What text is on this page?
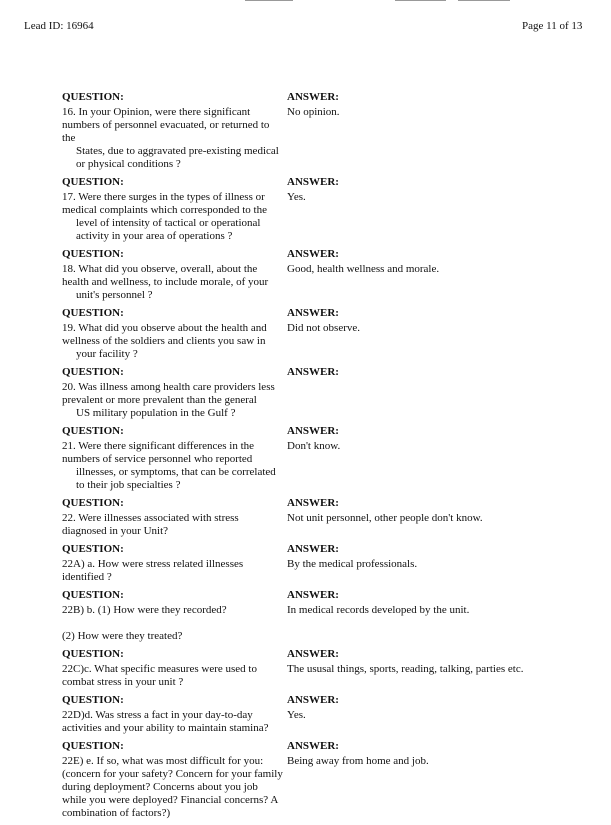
Lead ID: 16964	Page 11 of 13
QUESTION:
16. In your Opinion, were there significant numbers of personnel evacuated, or returned to the
States, due to aggravated pre-existing medical or physical conditions ?
ANSWER:
No opinion.
QUESTION:
17. Were there surges in the types of illness or medical complaints which corresponded to the
level of intensity of tactical or operational activity in your area of operations ?
ANSWER:
Yes.
QUESTION:
18. What did you observe, overall, about the health and wellness, to include morale, of your
unit's personnel ?
ANSWER:
Good, health wellness and morale.
QUESTION:
19. What did you observe about the health and wellness of the soldiers and clients you saw in
your facility ?
ANSWER:
Did not observe.
QUESTION:
20. Was illness among health care providers less prevalent or more prevalent than the general
US military population in the Gulf ?
ANSWER:
QUESTION:
21. Were there significant differences in the numbers of service personnel who reported
illnesses, or symptoms, that can be correlated to their job specialties ?
ANSWER:
Don't know.
QUESTION:
22. Were illnesses associated with stress diagnosed in your Unit?
ANSWER:
Not unit personnel, other people don't know.
QUESTION:
22A) a. How were stress related illnesses identified ?
ANSWER:
By the medical professionals.
QUESTION:
22B) b. (1) How were they recorded?

(2) How were they treated?
ANSWER:
In medical records developed by the unit.
QUESTION:
22C)c. What specific measures were used to combat stress in your unit ?
ANSWER:
The ususal things, sports, reading, talking, parties etc.
QUESTION:
22D)d. Was stress a fact in your day-to-day activities and your ability to maintain stamina?
ANSWER:
Yes.
QUESTION:
22E) e. If so, what was most difficult for you: (concern for your safety? Concern for your family during deployment? Concerns about you job while you were deployed? Financial concerns? A combination of factors?)
ANSWER:
Being away from home and job.
